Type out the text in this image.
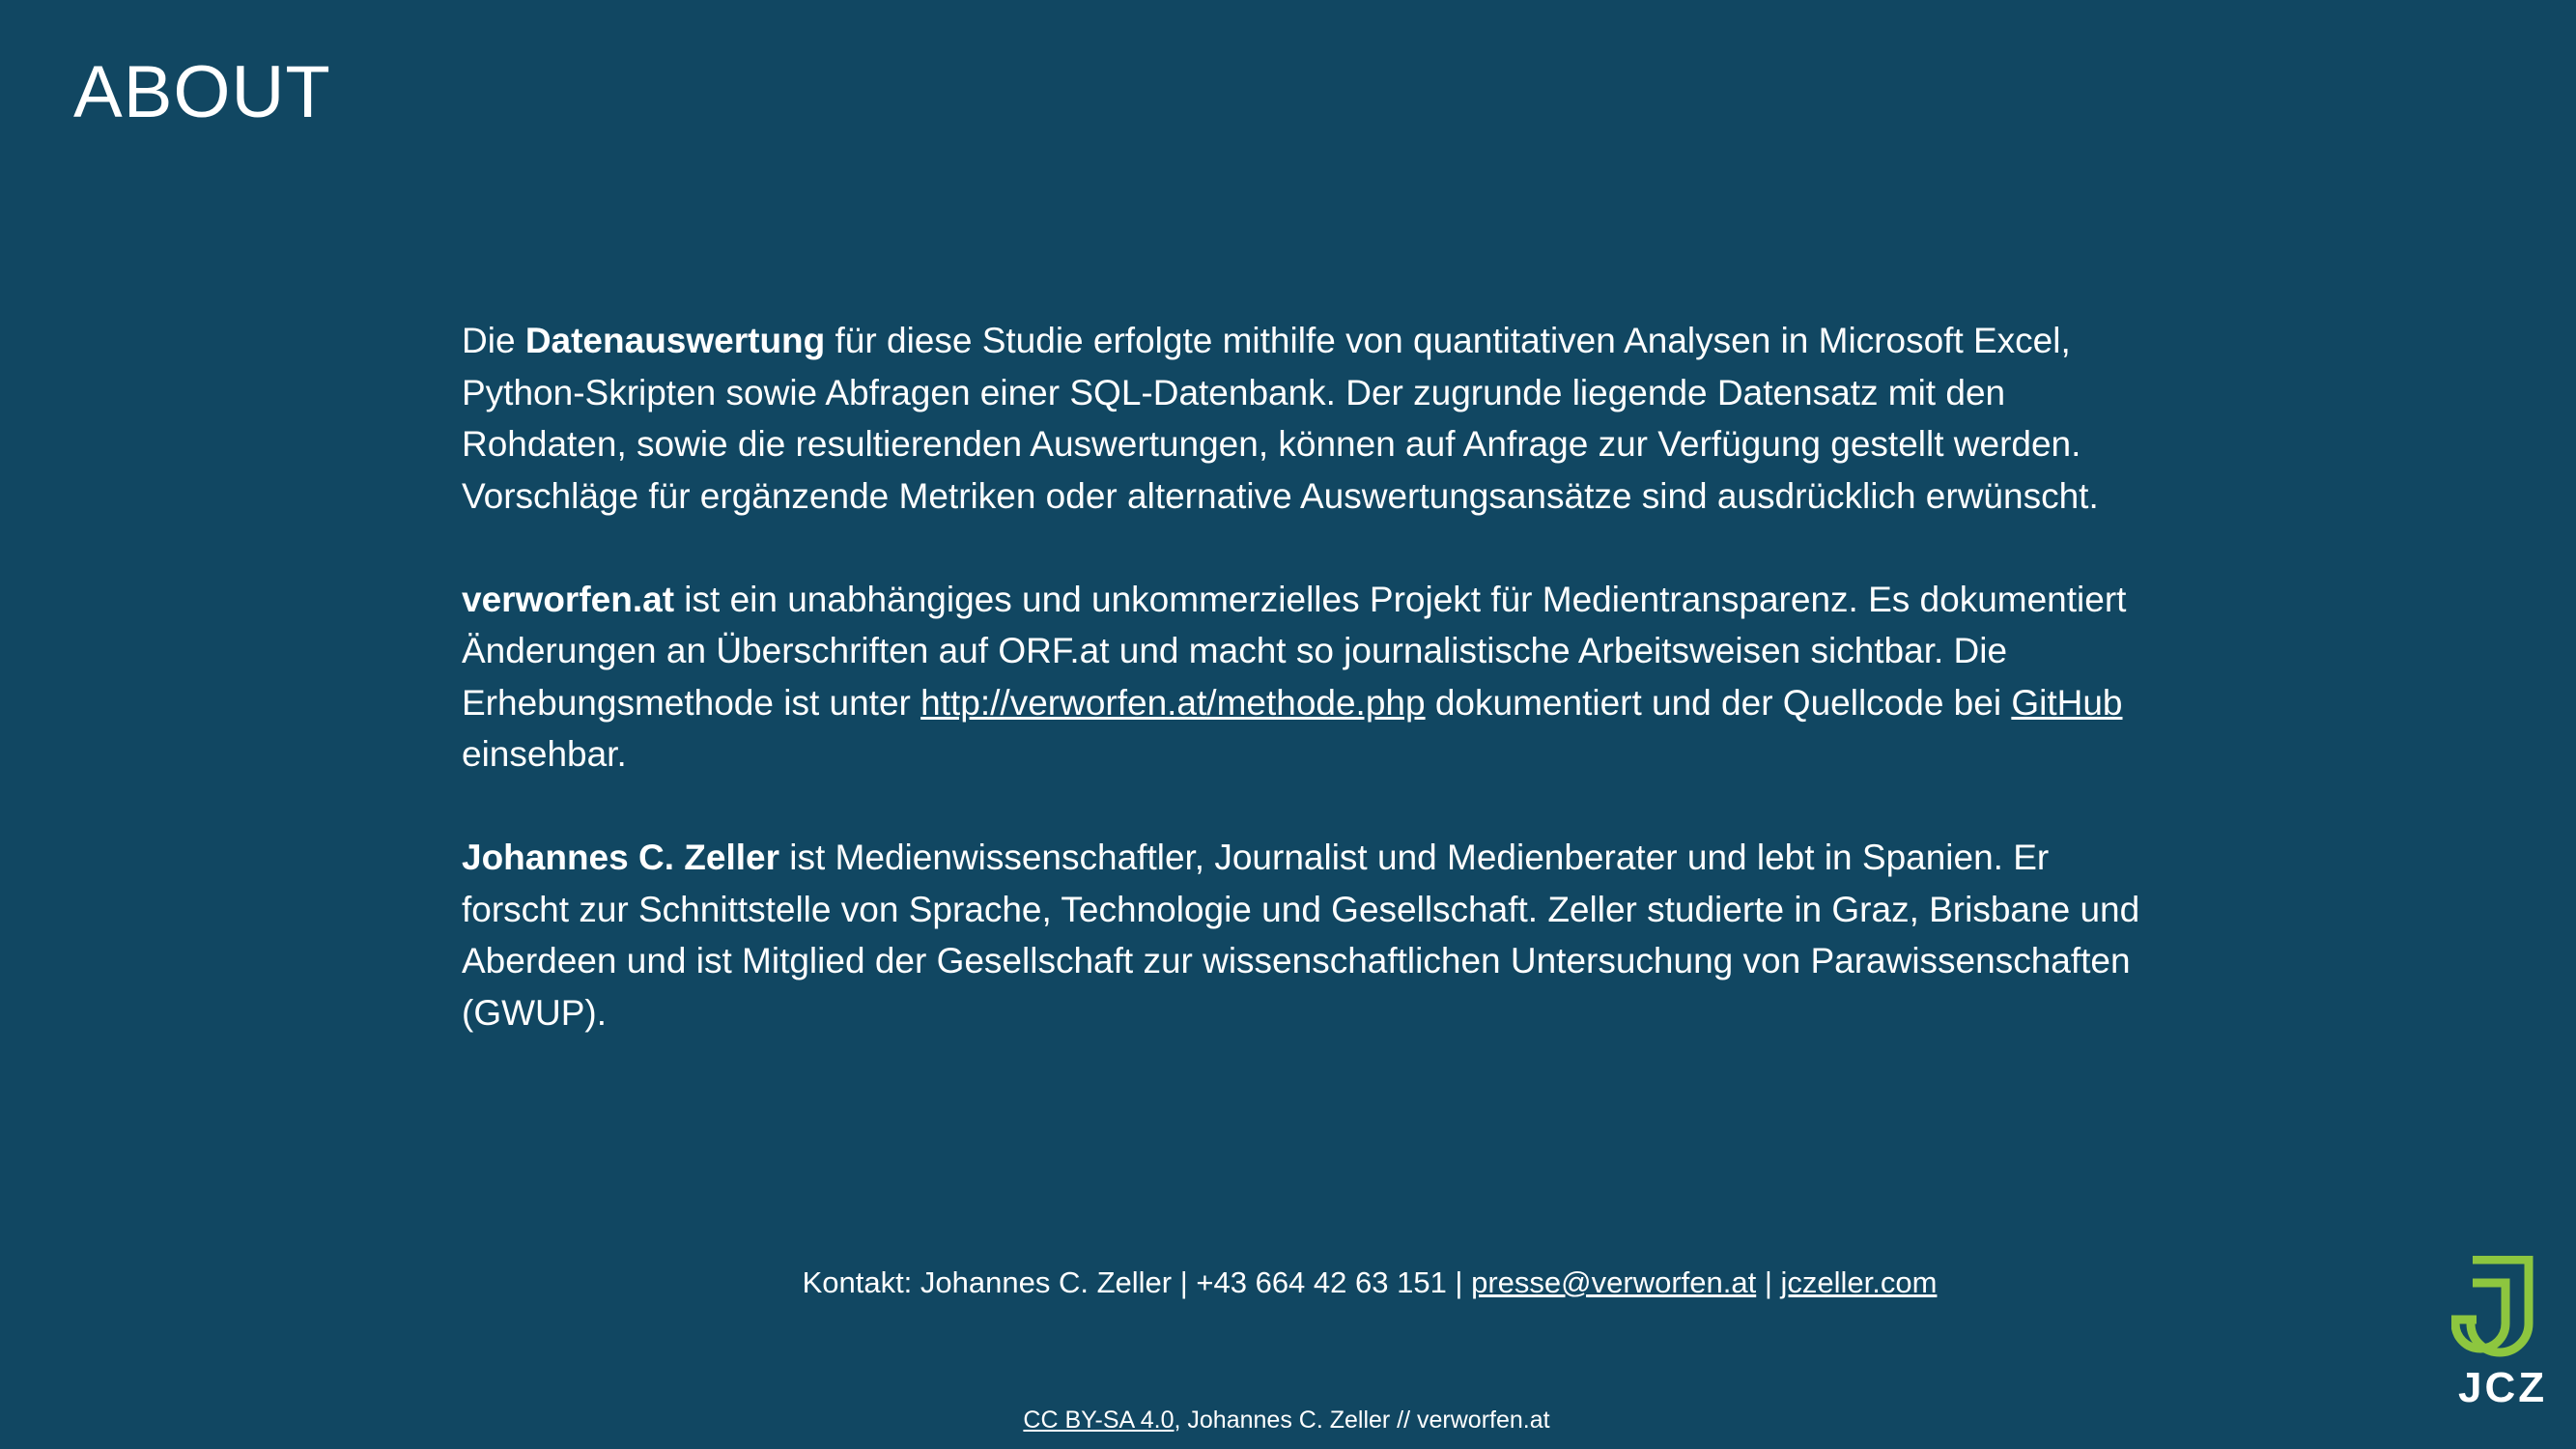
ABOUT

Die Datenauswertung für diese Studie erfolgte mithilfe von quantitativen Analysen in Microsoft Excel, Python-Skripten sowie Abfragen einer SQL-Datenbank. Der zugrunde liegende Datensatz mit den Rohdaten, sowie die resultierenden Auswertungen, können auf Anfrage zur Verfügung gestellt werden. Vorschläge für ergänzende Metriken oder alternative Auswertungsansätze sind ausdrücklich erwünscht.

verworfen.at ist ein unabhängiges und unkommerzielles Projekt für Medientransparenz. Es dokumentiert Änderungen an Überschriften auf ORF.at und macht so journalistische Arbeitsweisen sichtbar. Die Erhebungsmethode ist unter http://verworfen.at/methode.php dokumentiert und der Quellcode bei GitHub einsehbar.

Johannes C. Zeller ist Medienwissenschaftler, Journalist und Medienberater und lebt in Spanien. Er forscht zur Schnittstelle von Sprache, Technologie und Gesellschaft. Zeller studierte in Graz, Brisbane und Aberdeen und ist Mitglied der Gesellschaft zur wissenschaftlichen Untersuchung von Parawissenschaften (GWUP).

Kontakt: Johannes C. Zeller | +43 664 42 63 151 | presse@verworfen.at | jczeller.com
CC BY-SA 4.0, Johannes C. Zeller // verworfen.at
JCZ
